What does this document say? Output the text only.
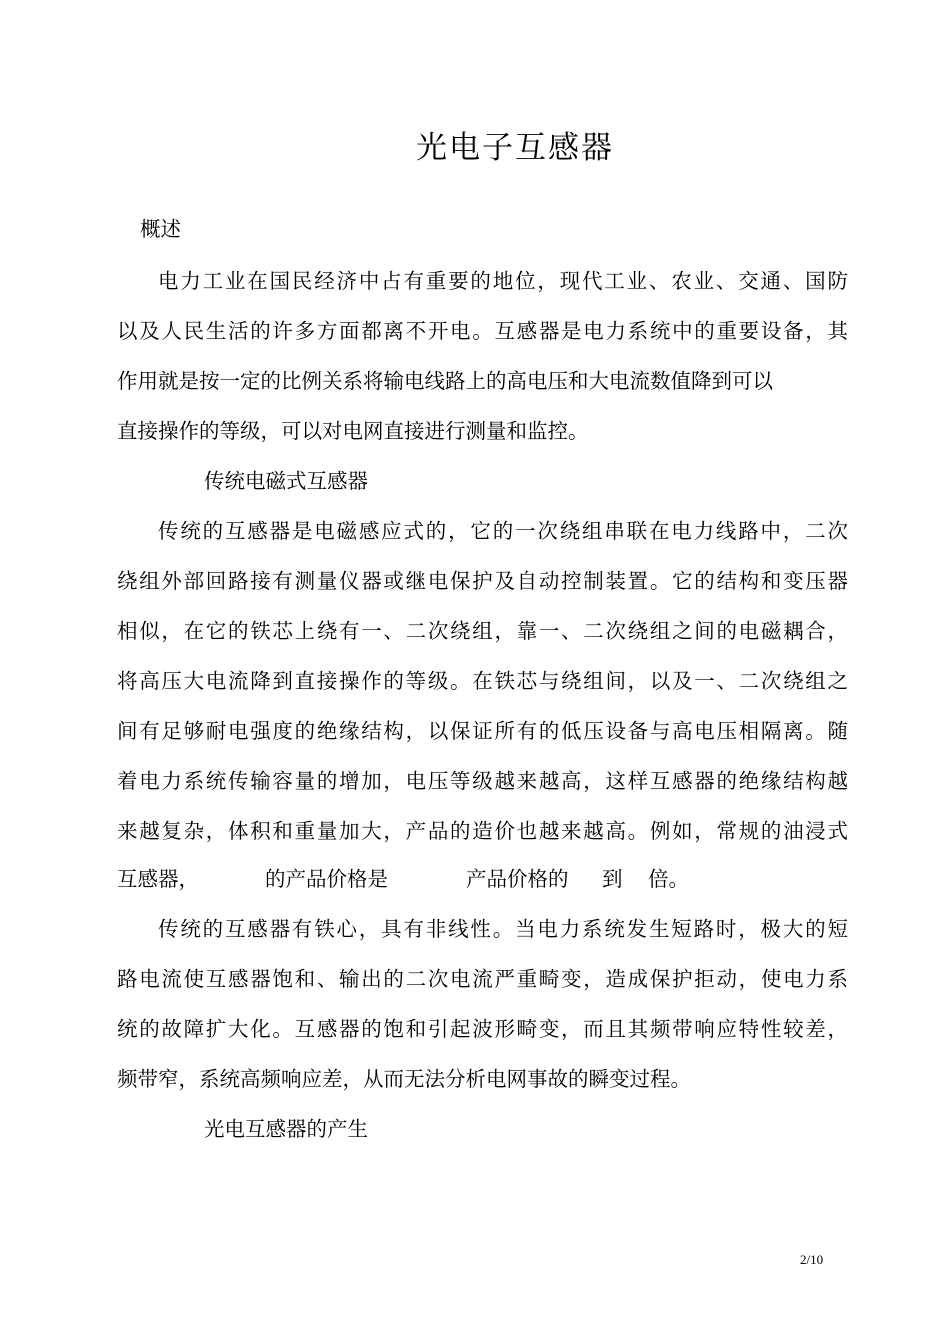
光电子互感器
概述
电力工业在国民经济中占有重要的地位，现代工业、农业、交通、国防
以及人民生活的许多方面都离不开电。互感器是电力系统中的重要设备，其
作用就是按一定的比例关系将输电线路上的高电压和大电流数值降到可以
直接操作的等级，可以对电网直接进行测量和监控。
传统电磁式互感器
传统的互感器是电磁感应式的，它的一次绕组串联在电力线路中，二次
绕组外部回路接有测量仪器或继电保护及自动控制装置。它的结构和变压器
相似，在它的铁芯上绕有一、二次绕组，靠一、二次绕组之间的电磁耦合，
将高压大电流降到直接操作的等级。在铁芯与绕组间，以及一、二次绕组之
间有足够耐电强度的绝缘结构，以保证所有的低压设备与高电压相隔离。随
着电力系统传输容量的增加，电压等级越来越高，这样互感器的绝缘结构越
来越复杂，体积和重量加大，产品的造价也越来越高。例如，常规的油浸式
互感器，	的产品价格是	产品价格的 到 倍。
传统的互感器有铁心，具有非线性。当电力系统发生短路时，极大的短
路电流使互感器饱和、输出的二次电流严重畸变，造成保护拒动，使电力系
统的故障扩大化。互感器的饱和引起波形畸变，而且其频带响应特性较差，
频带窄，系统高频响应差，从而无法分析电网事故的瞬变过程。
光电互感器的产生
2/10
